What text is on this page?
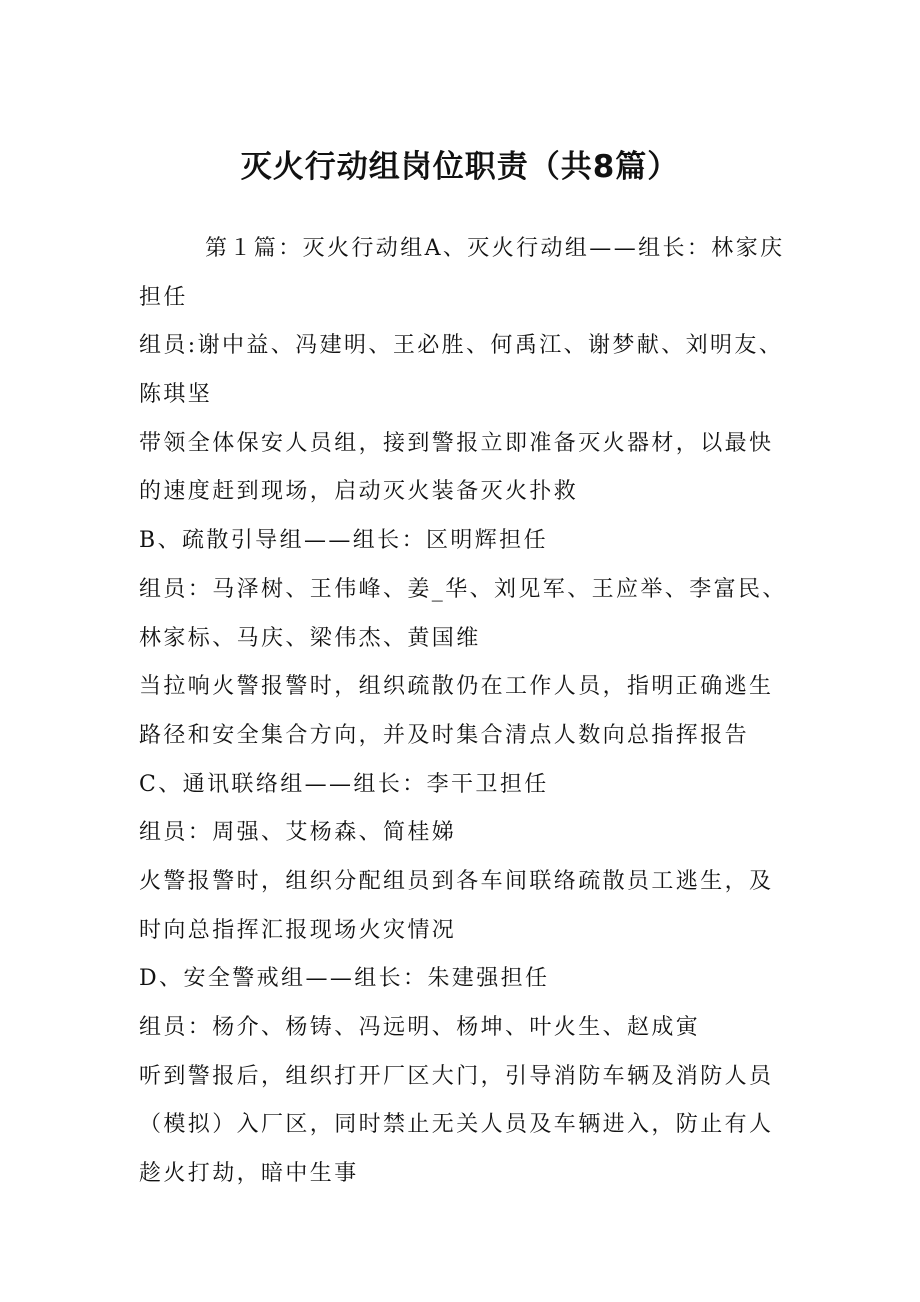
灭火行动组岗位职责（共8篇）
第１篇：灭火行动组A、灭火行动组——组长：林家庆
担任
组员:谢中益、冯建明、王必胜、何禹江、谢梦献、刘明友、
陈琪坚
带领全体保安人员组，接到警报立即准备灭火器材，以最快
的速度赶到现场，启动灭火装备灭火扑救
B、疏散引导组——组长：区明辉担任
组员：马泽树、王伟峰、姜_华、刘见军、王应举、李富民、
林家标、马庆、梁伟杰、黄国维
当拉响火警报警时，组织疏散仍在工作人员，指明正确逃生
路径和安全集合方向，并及时集合清点人数向总指挥报告
C、通讯联络组——组长：李干卫担任
组员：周强、艾杨森、简桂娣
火警报警时，组织分配组员到各车间联络疏散员工逃生，及
时向总指挥汇报现场火灾情况
D、安全警戒组——组长：朱建强担任
组员：杨介、杨铸、冯远明、杨坤、叶火生、赵成寅
听到警报后，组织打开厂区大门，引导消防车辆及消防人员
（模拟）入厂区，同时禁止无关人员及车辆进入，防止有人
趁火打劫，暗中生事
